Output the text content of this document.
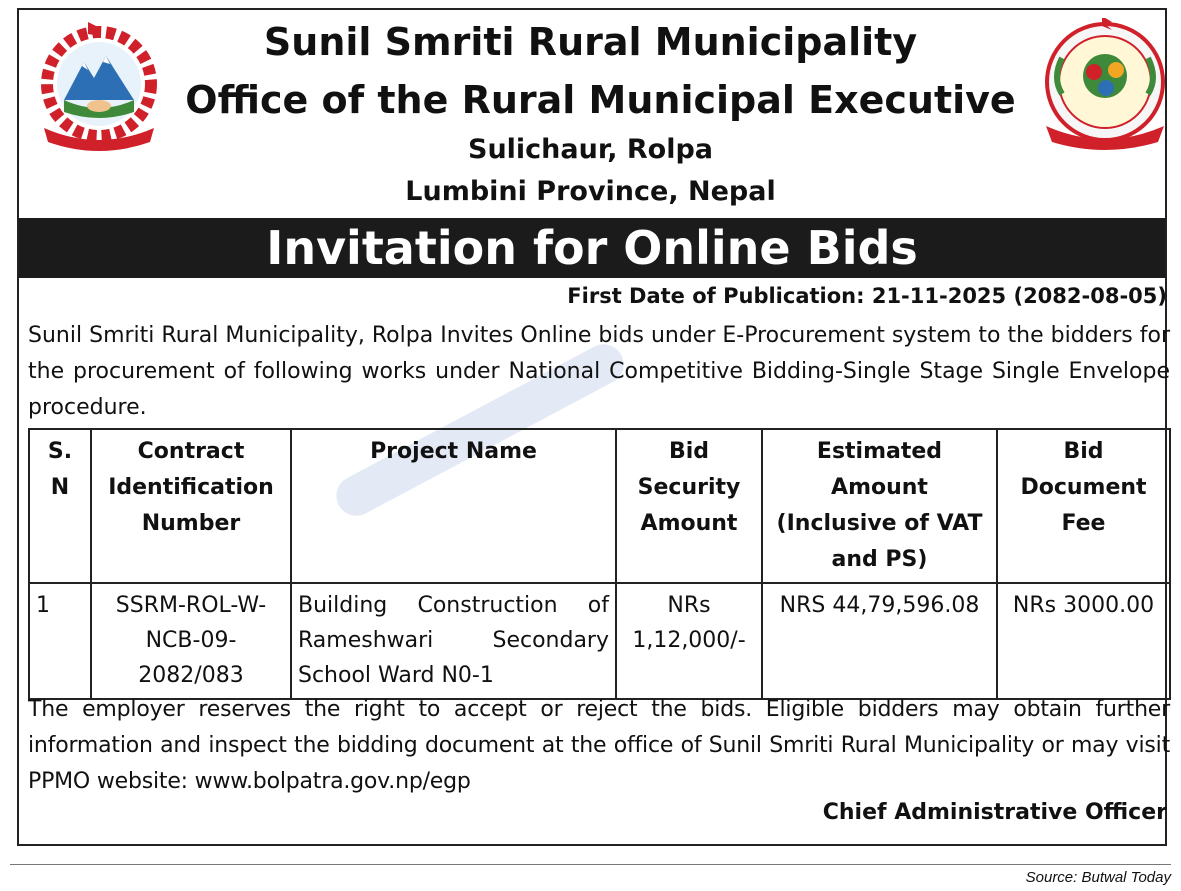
Sunil Smriti Rural Municipality
Office of the Rural Municipal Executive
Sulichaur, Rolpa
Lumbini Province, Nepal
Invitation for Online Bids
First Date of Publication: 21-11-2025 (2082-08-05)
Sunil Smriti Rural Municipality, Rolpa Invites Online bids under E-Procurement system to the bidders for the procurement of following works under National Competitive Bidding-Single Stage Single Envelope procedure.
S. N	Contract Identification Number	Project Name	Bid Security Amount	Estimated Amount (Inclusive of VAT and PS)	Bid Document Fee
1	SSRM-ROL-W-NCB-09-2082/083	Building Construction of Rameshwari Secondary School Ward N0-1	NRs 1,12,000/-	NRS 44,79,596.08	NRs 3000.00
The employer reserves the right to accept or reject the bids. Eligible bidders may obtain further information and inspect the bidding document at the office of Sunil Smriti Rural Municipality or may visit PPMO website: www.bolpatra.gov.np/egp
Chief Administrative Officer
Source: Butwal Today
